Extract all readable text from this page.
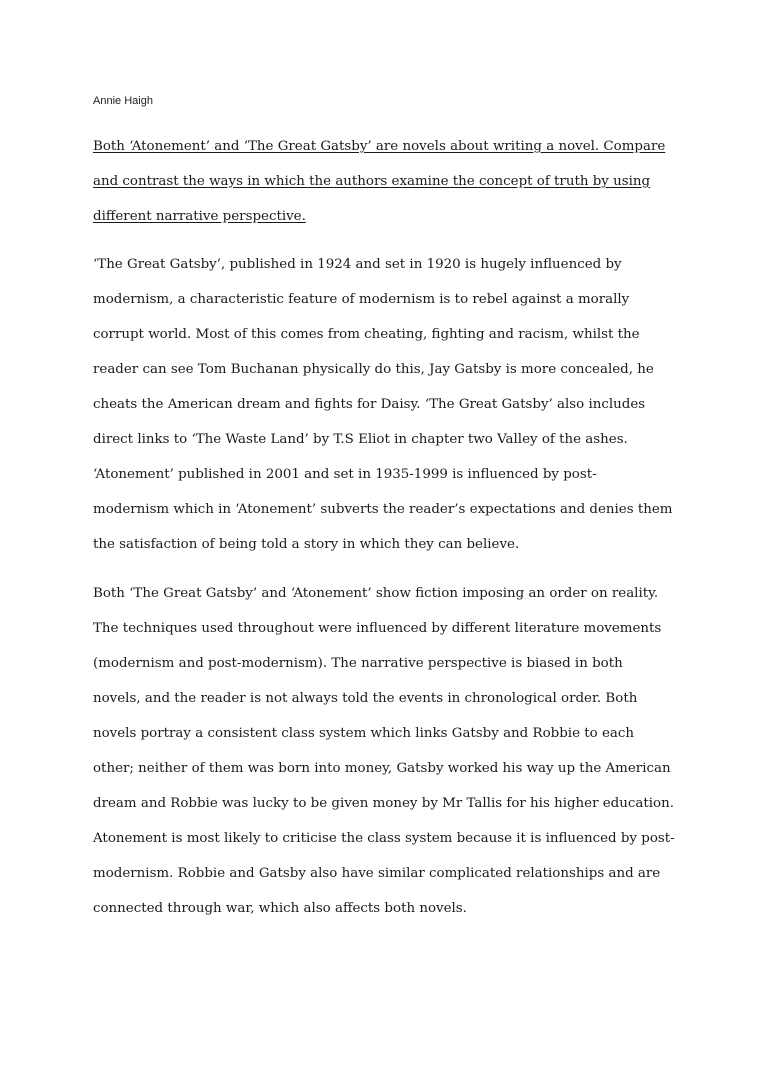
Annie Haigh

Both ‘Atonement’ and ‘The Great Gatsby’ are novels about writing a novel. Compare
and contrast the ways in which the authors examine the concept of truth by using
different narrative perspective.
‘The Great Gatsby’, published in 1924 and set in 1920 is hugely influenced by
modernism, a characteristic feature of modernism is to rebel against a morally
corrupt world. Most of this comes from cheating, fighting and racism, whilst the
reader can see Tom Buchanan physically do this, Jay Gatsby is more concealed, he
cheats the American dream and fights for Daisy. ‘The Great Gatsby’ also includes
direct links to ‘The Waste Land’ by T.S Eliot in chapter two Valley of the ashes.
‘Atonement’ published in 2001 and set in 1935-1999 is influenced by post-
modernism which in ‘Atonement’ subverts the reader’s expectations and denies them
the satisfaction of being told a story in which they can believe.
Both ‘The Great Gatsby’ and ‘Atonement’ show fiction imposing an order on reality.
The techniques used throughout were influenced by different literature movements
(modernism and post-modernism). The narrative perspective is biased in both
novels, and the reader is not always told the events in chronological order. Both
novels portray a consistent class system which links Gatsby and Robbie to each
other; neither of them was born into money, Gatsby worked his way up the American
dream and Robbie was lucky to be given money by Mr Tallis for his higher education.
Atonement is most likely to criticise the class system because it is influenced by post-
modernism. Robbie and Gatsby also have similar complicated relationships and are
connected through war, which also affects both novels.
